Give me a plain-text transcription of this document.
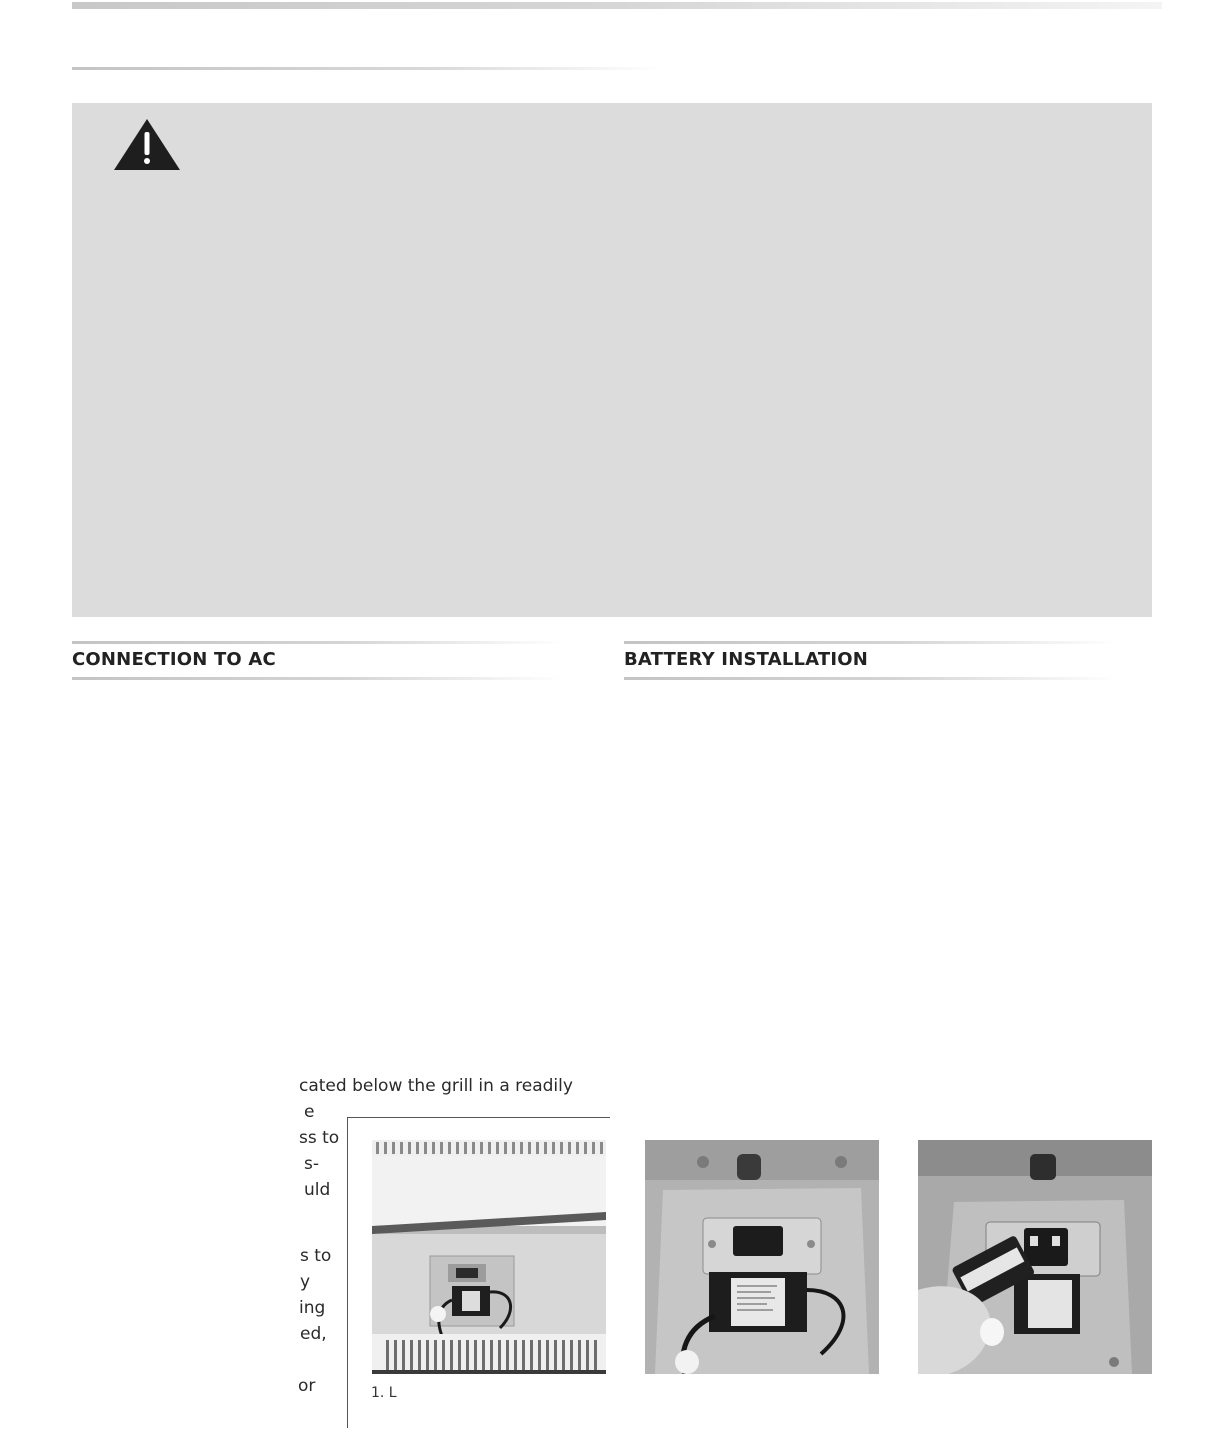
CONNECTION TO AC	BATTERY INSTALLATION
cated below the grill in a readily
e
ss to
s-
uld
s to
y
ing
ed,
or	1. L
